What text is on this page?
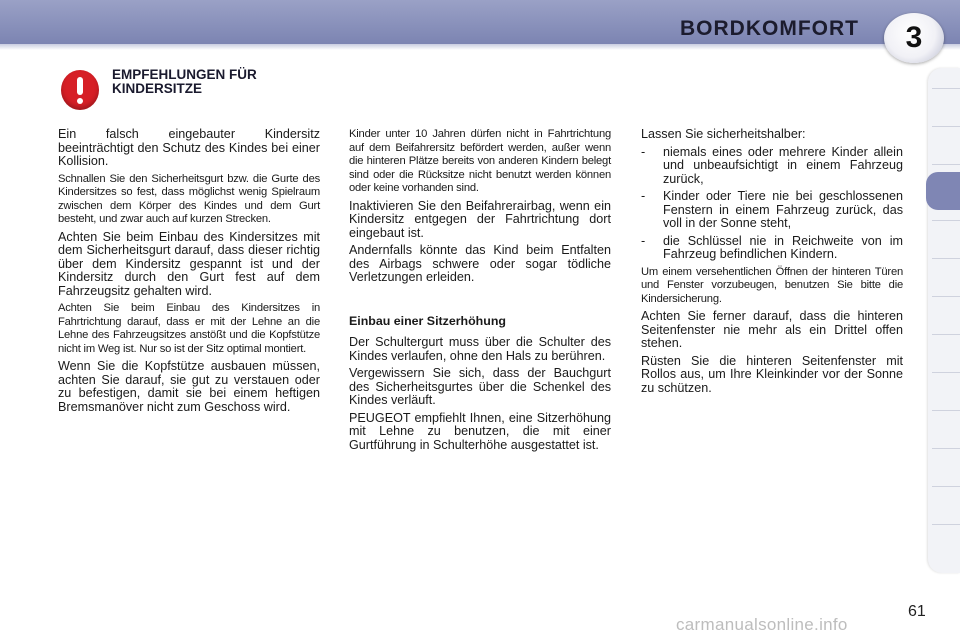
BORDKOMFORT	3
EMPFEHLUNGEN FÜR KINDERSITZE

Ein falsch eingebauter Kindersitz beeinträchtigt den Schutz des Kindes bei einer Kollision.

Schnallen Sie den Sicherheitsgurt bzw. die Gurte des Kindersitzes so fest, dass möglichst wenig Spielraum zwischen dem Körper des Kindes und dem Gurt besteht, und zwar auch auf kurzen Strecken.

Achten Sie beim Einbau des Kindersitzes mit dem Sicherheitsgurt darauf, dass dieser richtig über dem Kindersitz gespannt ist und der Kindersitz durch den Gurt fest auf dem Fahrzeugsitz gehalten wird.

Achten Sie beim Einbau des Kindersitzes in Fahrtrichtung darauf, dass er mit der Lehne an die Lehne des Fahrzeugsitzes anstößt und die Kopfstütze nicht im Weg ist. Nur so ist der Sitz optimal montiert.

Wenn Sie die Kopfstütze ausbauen müssen, achten Sie darauf, sie gut zu verstauen oder zu befestigen, damit sie bei einem heftigen Bremsmanöver nicht zum Geschoss wird.

Kinder unter 10 Jahren dürfen nicht in Fahrtrichtung auf dem Beifahrersitz befördert werden, außer wenn die hinteren Plätze bereits von anderen Kindern belegt sind oder die Rücksitze nicht benutzt werden können oder keine vorhanden sind.

Inaktivieren Sie den Beifahrerairbag, wenn ein Kindersitz entgegen der Fahrtrichtung dort eingebaut ist.

Andernfalls könnte das Kind beim Entfalten des Airbags schwere oder sogar tödliche Verletzungen erleiden.

Einbau einer Sitzerhöhung

Der Schultergurt muss über die Schulter des Kindes verlaufen, ohne den Hals zu berühren.

Vergewissern Sie sich, dass der Bauchgurt des Sicherheitsgurtes über die Schenkel des Kindes verläuft.

PEUGEOT empfiehlt Ihnen, eine Sitzerhöhung mit Lehne zu benutzen, die mit einer Gurtführung in Schulterhöhe ausgestattet ist.

Lassen Sie sicherheitshalber:

-	niemals eines oder mehrere Kinder allein und unbeaufsichtigt in einem Fahrzeug zurück,
-	Kinder oder Tiere nie bei geschlossenen Fenstern in einem Fahrzeug zurück, das voll in der Sonne steht,
-	die Schlüssel nie in Reichweite von im Fahrzeug befindlichen Kindern.

Um einem versehentlichen Öffnen der hinteren Türen und Fenster vorzubeugen, benutzen Sie bitte die Kindersicherung.

Achten Sie ferner darauf, dass die hinteren Seitenfenster nie mehr als ein Drittel offen stehen.

Rüsten Sie die hinteren Seitenfenster mit Rollos aus, um Ihre Kleinkinder vor der Sonne zu schützen.

61
carmanualsonline.info
